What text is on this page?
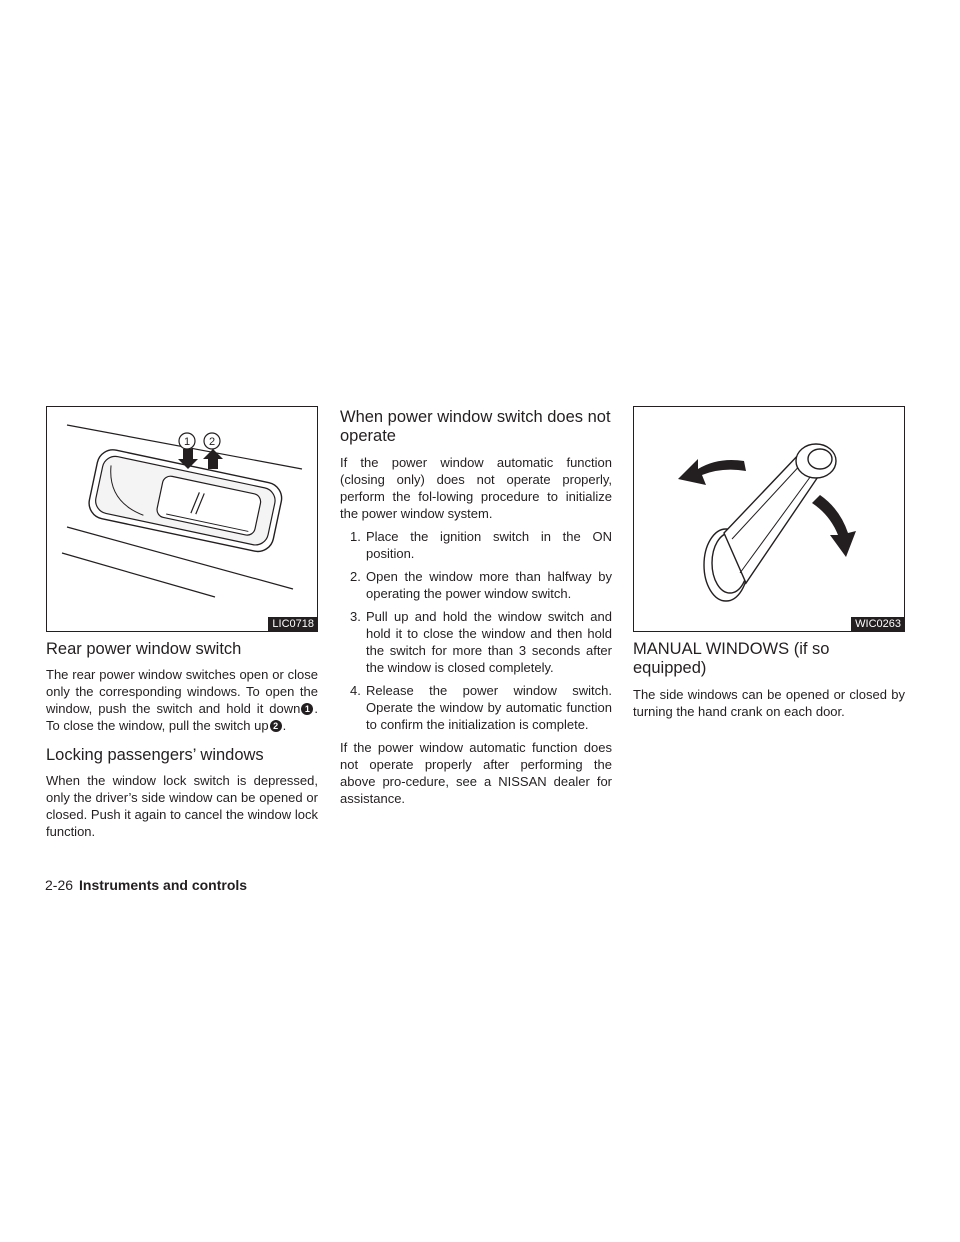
1 2
LIC0718
Rear power window switch

The rear power window switches open or close only the corresponding windows. To open the window, push the switch and hold it down 1 . To close the window, pull the switch up 2 .

Locking passengers’ windows

When the window lock switch is depressed, only the driver’s side window can be opened or closed. Push it again to cancel the window lock function.

When power window switch does not operate

If the power window automatic function (closing only) does not operate properly, perform the fol-lowing procedure to initialize the power window system.

1. Place the ignition switch in the ON position.
2. Open the window more than halfway by operating the power window switch.
3. Pull up and hold the window switch and hold it to close the window and then hold the switch for more than 3 seconds after the window is closed completely.
4. Release the power window switch. Operate the window by automatic function to confirm the initialization is complete.

If the power window automatic function does not operate properly after performing the above pro-cedure, see a NISSAN dealer for assistance.

WIC0263
MANUAL WINDOWS (if so equipped)

The side windows can be opened or closed by turning the hand crank on each door.

2-26 Instruments and controls
